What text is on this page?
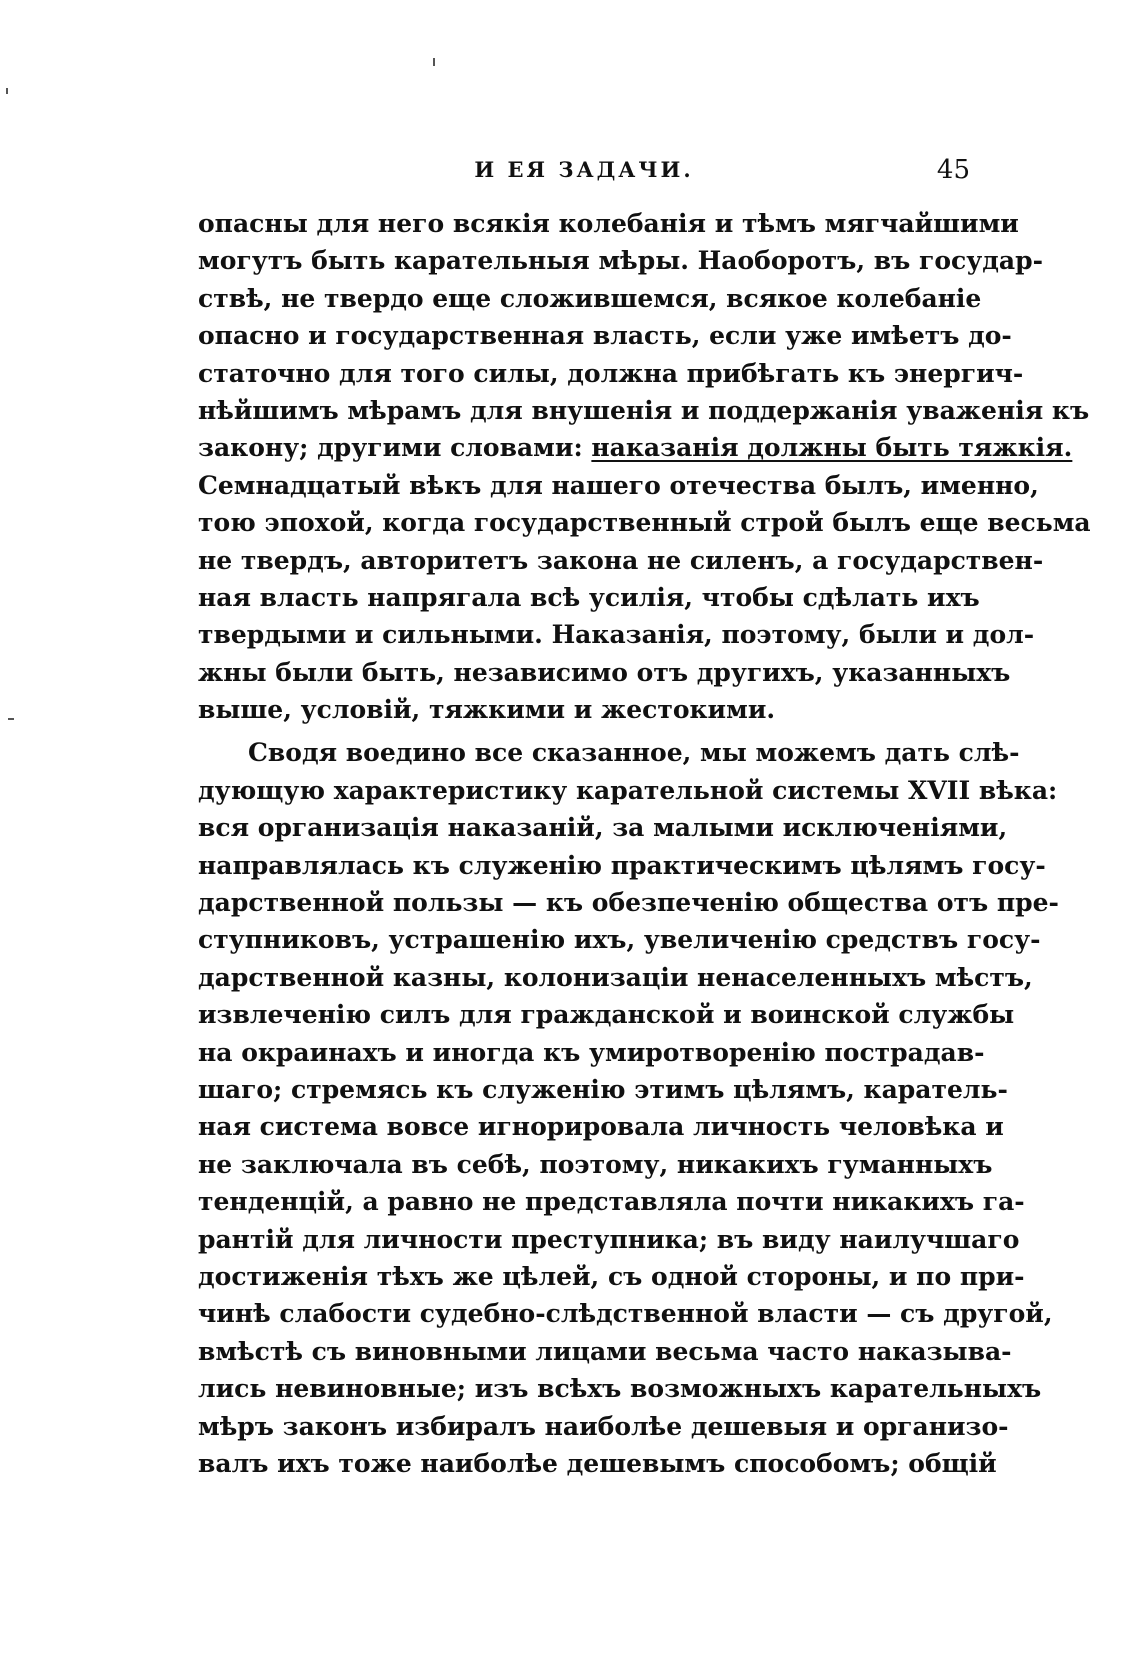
И ЕЯ ЗАДАЧИ.	45
опасны для него всякія колебанія и тѣмъ мягчайшими
могутъ быть карательныя мѣры. Наоборотъ, въ государ-
ствѣ, не твердо еще сложившемся, всякое колебаніе
опасно и государственная власть, если уже имѣетъ до-
статочно для того силы, должна прибѣгать къ энергич-
нѣйшимъ мѣрамъ для внушенія и поддержанія уваженія къ
закону; другими словами: наказанія должны быть тяжкія.
Семнадцатый вѣкъ для нашего отечества былъ, именно,
тою эпохой, когда государственный строй былъ еще весьма
не твердъ, авторитетъ закона не силенъ, а государствен-
ная власть напрягала всѣ усилія, чтобы сдѣлать ихъ
твердыми и сильными. Наказанія, поэтому, были и дол-
жны были быть, независимо отъ другихъ, указанныхъ
выше, условій, тяжкими и жестокими.
Сводя воедино все сказанное, мы можемъ дать слѣ-
дующую характеристику карательной системы XVII вѣка:
вся организація наказаній, за малыми исключеніями,
направлялась къ служенію практическимъ цѣлямъ госу-
дарственной пользы — къ обезпеченію общества отъ пре-
ступниковъ, устрашенію ихъ, увеличенію средствъ госу-
дарственной казны, колонизаціи ненаселенныхъ мѣстъ,
извлеченію силъ для гражданской и воинской службы
на окраинахъ и иногда къ умиротворенію пострадав-
шаго; стремясь къ служенію этимъ цѣлямъ, каратель-
ная система вовсе игнорировала личность человѣка и
не заключала въ себѣ, поэтому, никакихъ гуманныхъ
тенденцій, а равно не представляла почти никакихъ га-
рантій для личности преступника; въ виду наилучшаго
достиженія тѣхъ же цѣлей, съ одной стороны, и по при-
чинѣ слабости судебно-слѣдственной власти — съ другой,
вмѣстѣ съ виновными лицами весьма часто наказыва-
лись невиновные; изъ всѣхъ возможныхъ карательныхъ
мѣръ законъ избиралъ наиболѣе дешевыя и организо-
валъ ихъ тоже наиболѣе дешевымъ способомъ; общій
